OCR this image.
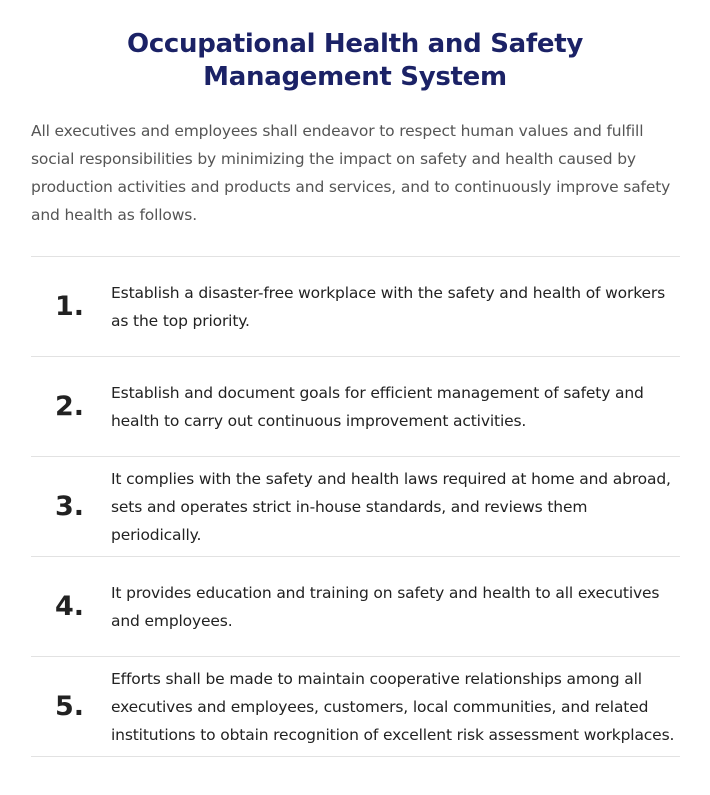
Occupational Health and Safety
Management System

All executives and employees shall endeavor to respect human values and fulfill social responsibilities by minimizing the impact on safety and health caused by production activities and products and services, and to continuously improve safety and health as follows.

1. Establish a disaster-free workplace with the safety and health of workers as the top priority.
2. Establish and document goals for efficient management of safety and health to carry out continuous improvement activities.
3.
It complies with the safety and health laws required at home and abroad, sets and operates strict in-house standards, and reviews them periodically.
4. It provides education and training on safety and health to all executives and employees.
5.
Efforts shall be made to maintain cooperative relationships among all executives and employees, customers, local communities, and related institutions to obtain recognition of excellent risk assessment workplaces.
